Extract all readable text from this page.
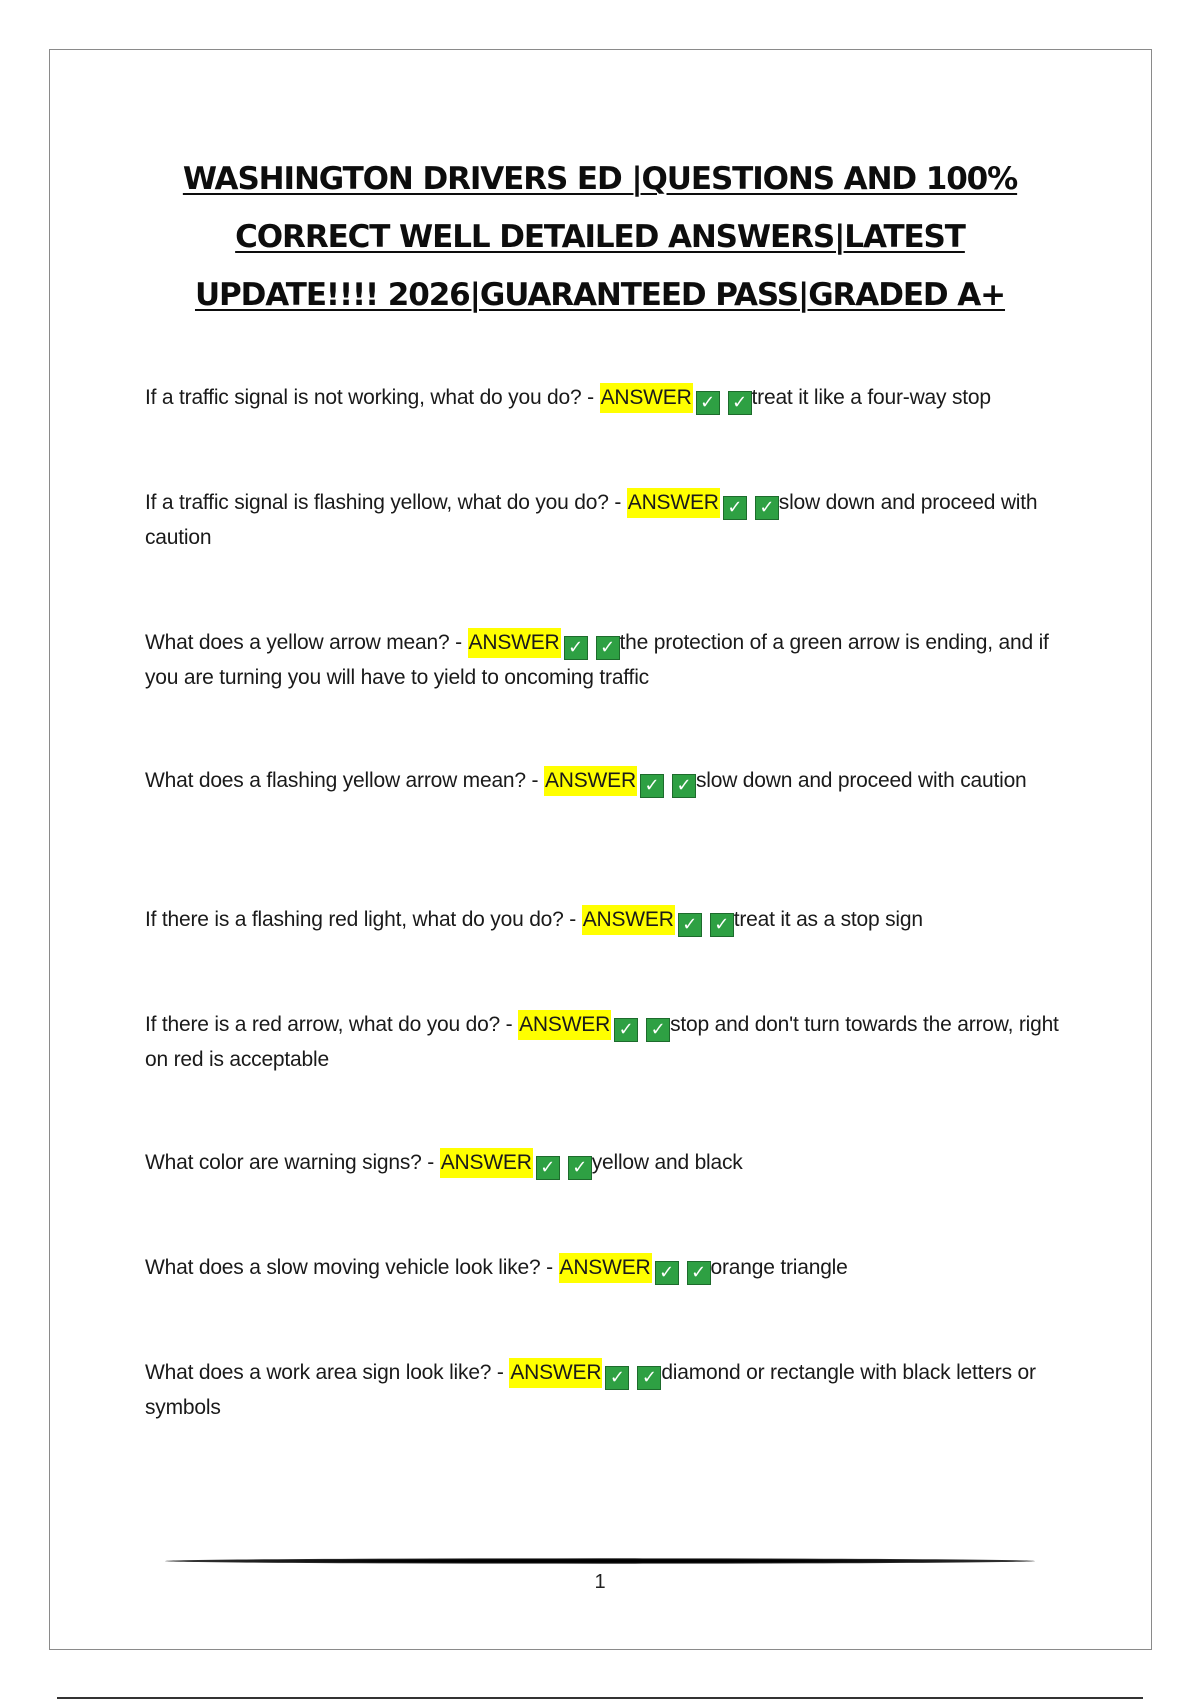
WASHINGTON DRIVERS ED |QUESTIONS AND 100%
CORRECT WELL DETAILED ANSWERS|LATEST
UPDATE!!!! 2026|GUARANTEED PASS|GRADED A+
If a traffic signal is not working, what do you do? - ANSWER ✓ ✓ treat it like a four-way stop
If a traffic signal is flashing yellow, what do you do? - ANSWER ✓ ✓ slow down and proceed with caution
What does a yellow arrow mean? - ANSWER ✓ ✓ the protection of a green arrow is ending, and if you are turning you will have to yield to oncoming traffic
What does a flashing yellow arrow mean? - ANSWER ✓ ✓ slow down and proceed with caution
If there is a flashing red light, what do you do? - ANSWER ✓ ✓ treat it as a stop sign
If there is a red arrow, what do you do? - ANSWER ✓ ✓ stop and don't turn towards the arrow, right on red is acceptable
What color are warning signs? - ANSWER ✓ ✓ yellow and black
What does a slow moving vehicle look like? - ANSWER ✓ ✓ orange triangle
What does a work area sign look like? - ANSWER ✓ ✓ diamond or rectangle with black letters or symbols
1
